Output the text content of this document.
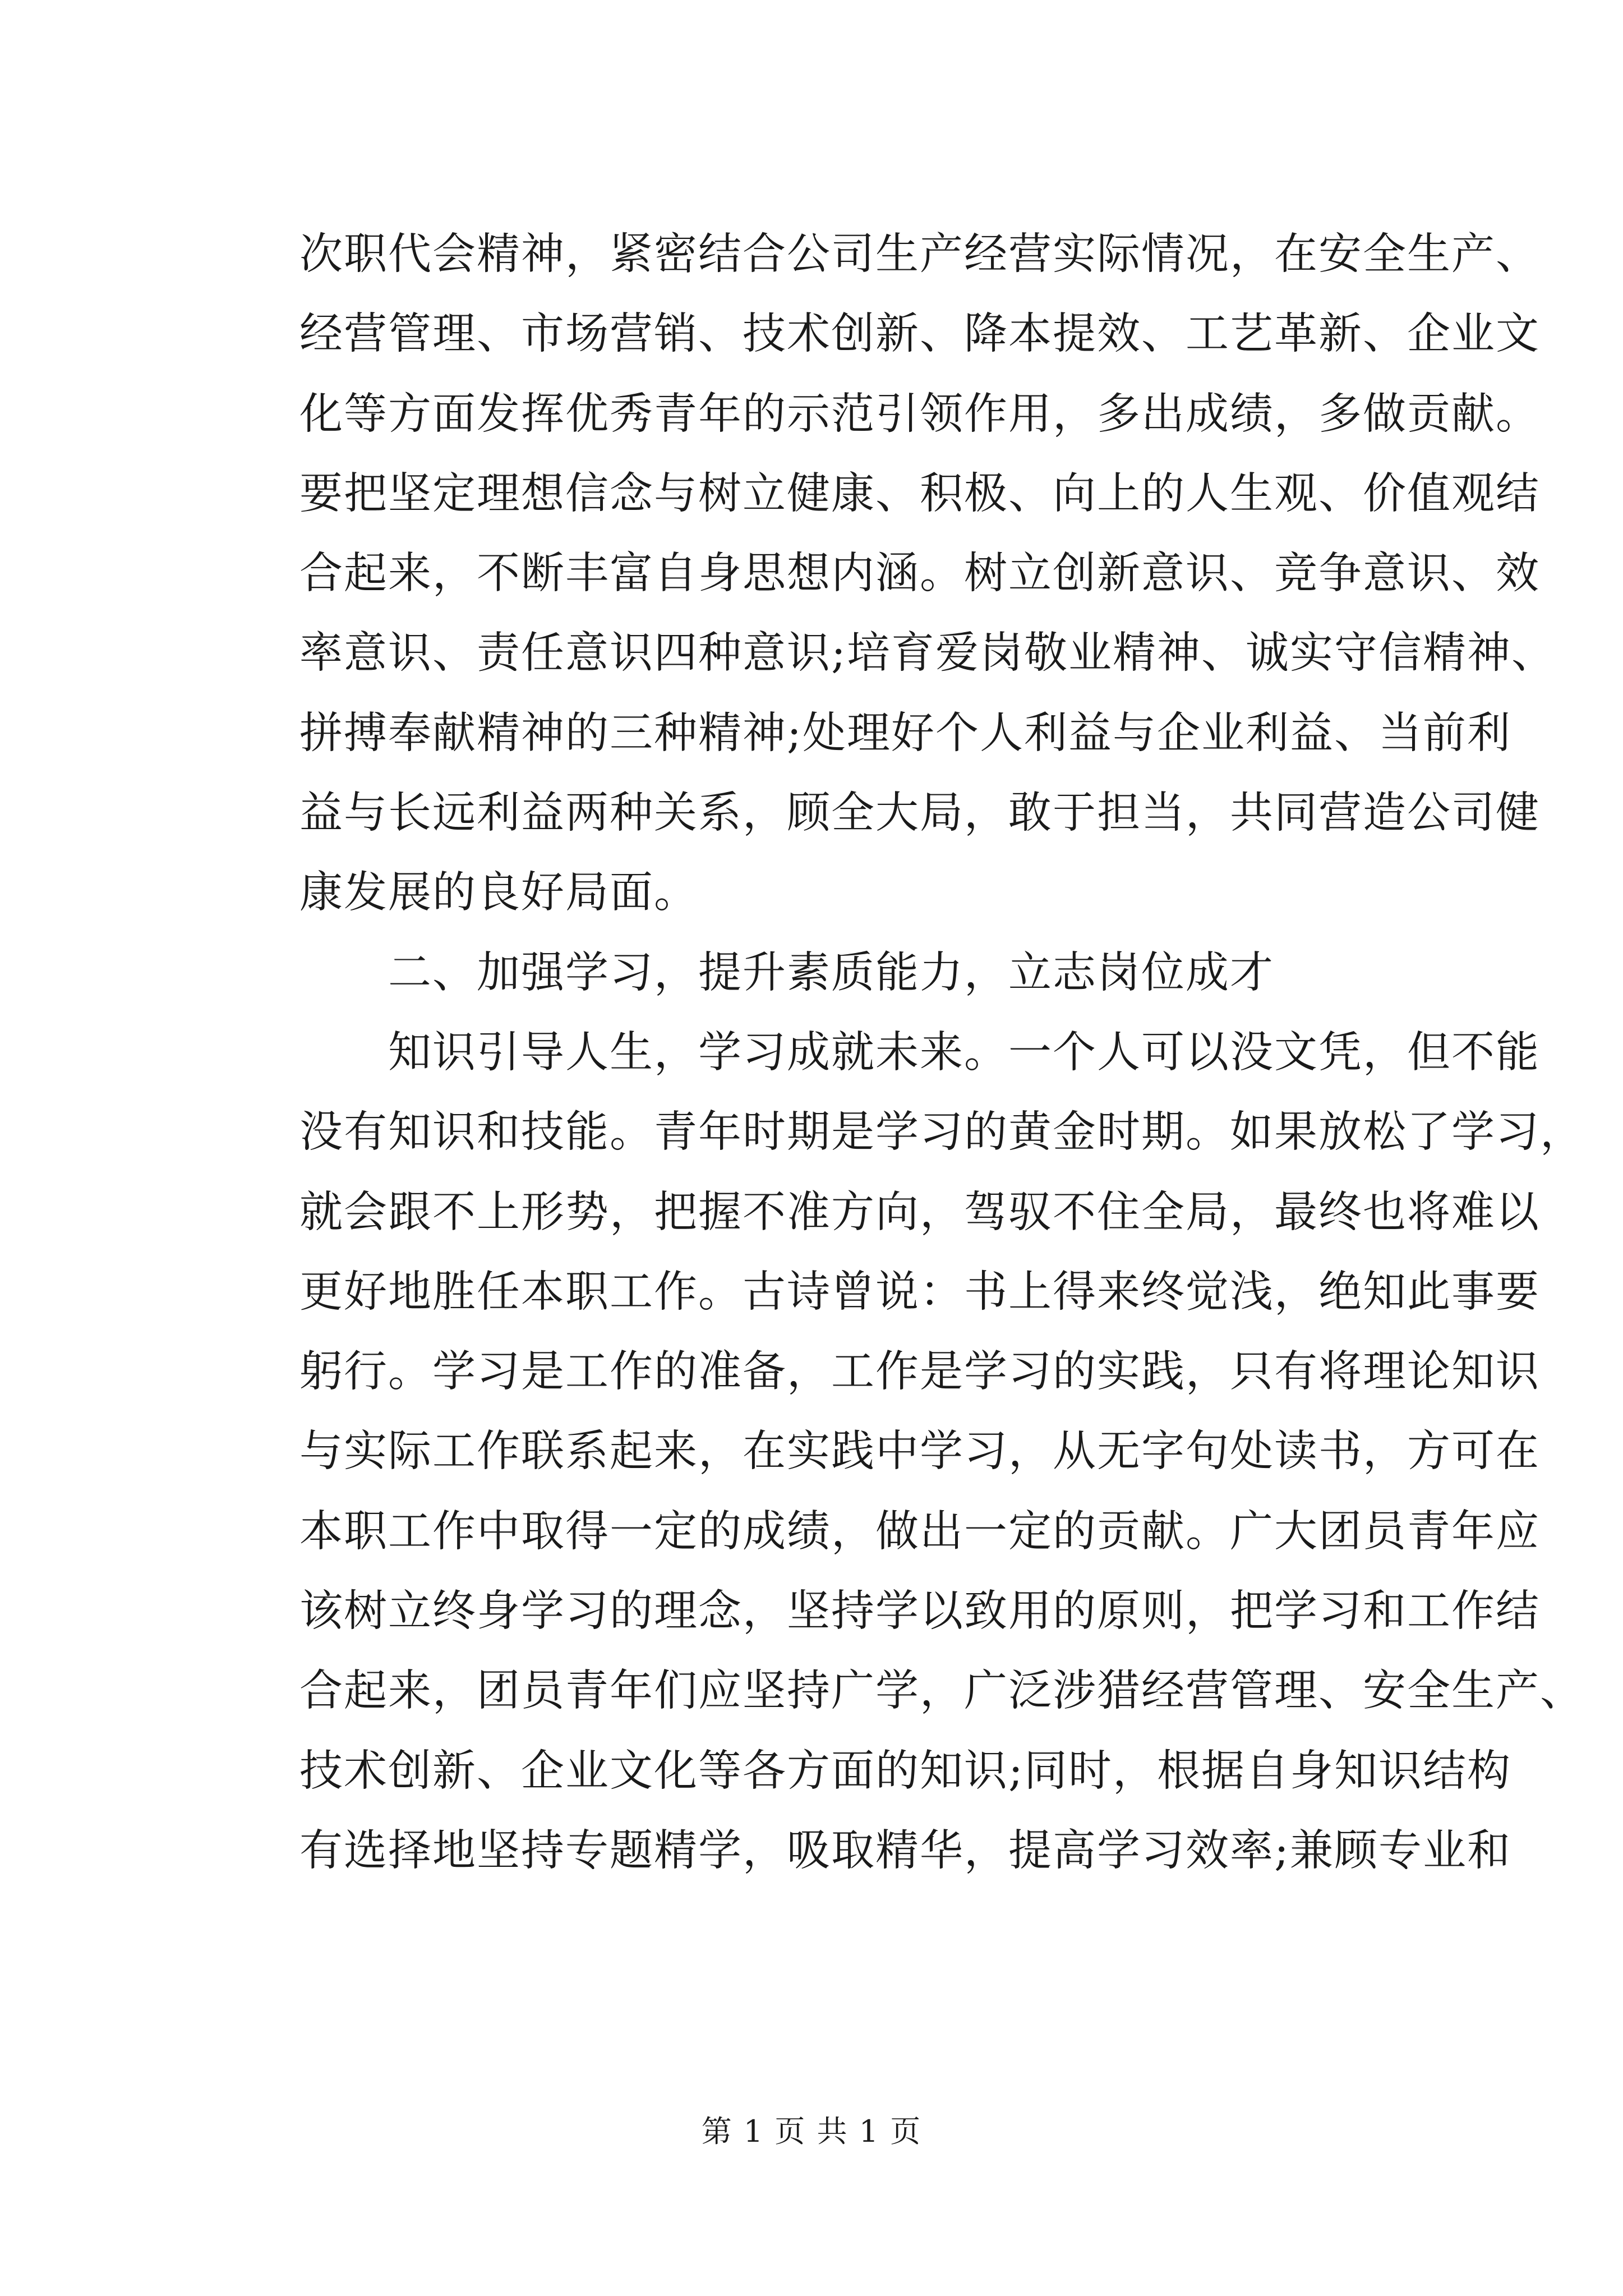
次职代会精神，紧密结合公司生产经营实际情况，在安全生产、
经营管理、市场营销、技术创新、降本提效、工艺革新、企业文
化等方面发挥优秀青年的示范引领作用，多出成绩，多做贡献。
要把坚定理想信念与树立健康、积极、向上的人生观、价值观结
合起来，不断丰富自身思想内涵。树立创新意识、竞争意识、效
率意识、责任意识四种意识;培育爱岗敬业精神、诚实守信精神、
拼搏奉献精神的三种精神;处理好个人利益与企业利益、当前利
益与长远利益两种关系，顾全大局，敢于担当，共同营造公司健
康发展的良好局面。
二、加强学习，提升素质能力，立志岗位成才
知识引导人生，学习成就未来。一个人可以没文凭，但不能
没有知识和技能。青年时期是学习的黄金时期。如果放松了学习，
就会跟不上形势，把握不准方向，驾驭不住全局，最终也将难以
更好地胜任本职工作。古诗曾说：书上得来终觉浅，绝知此事要
躬行。学习是工作的准备，工作是学习的实践，只有将理论知识
与实际工作联系起来，在实践中学习，从无字句处读书，方可在
本职工作中取得一定的成绩，做出一定的贡献。广大团员青年应
该树立终身学习的理念，坚持学以致用的原则，把学习和工作结
合起来，团员青年们应坚持广学，广泛涉猎经营管理、安全生产、
技术创新、企业文化等各方面的知识;同时，根据自身知识结构
有选择地坚持专题精学，吸取精华，提高学习效率;兼顾专业和
第 1 页 共 1 页
